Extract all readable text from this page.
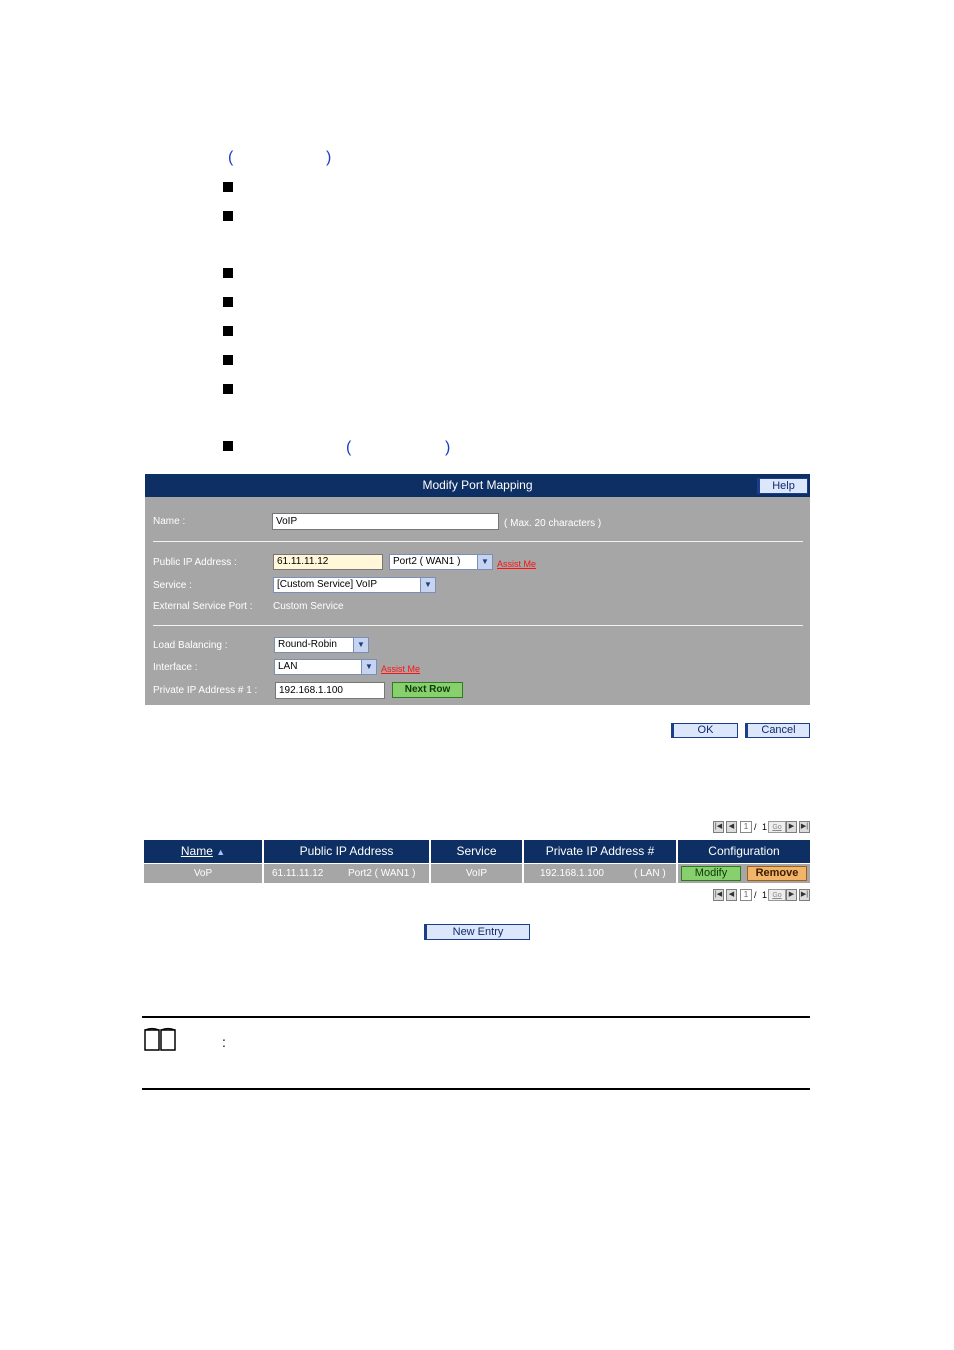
(	)
(	)
Modify Port Mapping	Help
Name :	VoIP	( Max. 20 characters )
Public IP Address :	61.11.11.12	Port2 ( WAN1 )	▼ Assist Me
Service :	[Custom Service] VoIP	▼
External Service Port : Custom Service
Load Balancing :	Round-Robin	▼
Interface :	LAN	▼ Assist Me
Private IP Address # 1 :	192.168.1.100	Next Row
OK	Cancel
|◀ ◀	1 / 1 Go	▶ ▶|
Name ▲	Public IP Address	Service	Private IP Address #	Configuration
VoP	61.11.11.12 Port2 ( WAN1 )	VoIP	192.168.1.100	( LAN )	Modify	Remove
|◀ ◀	1 / 1 Go	▶ ▶|
New Entry
:
